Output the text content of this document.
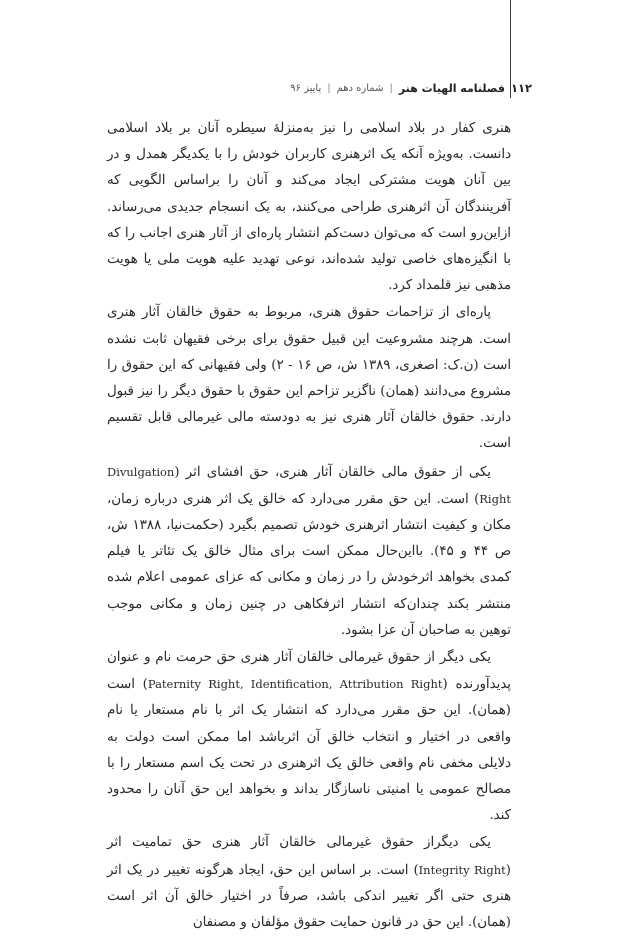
۱۱۲
فصلنامه الهیات هنر
|
شماره دهم
|
پاییز ۹۶

هنری کفار در بلاد اسلامی را نیز به‌منزلهٔ سیطره آنان بر بلاد اسلامی دانست. به‌ویژه آنکه یک اثرهنری کاربران خودش را با یکدیگر همدل و در بین آنان هویت مشترکی ایجاد می‌کند و آنان را براساس الگویی که آفرینندگان آن اثرهنری طراحی می‌کنند، به یک انسجام جدیدی می‌رساند. ازاین‌رو است که می‌توان دست‌کم انتشار پاره‌ای از آثار هنری اجانب را که با انگیزه‌های خاصی تولید شده‌اند، نوعی تهدید علیه هویت ملی یا هویت مذهبی نیز قلمداد کرد.

پاره‌ای از تزاحمات حقوق هنری، مربوط به حقوق خالقان آثار هنری است. هرچند مشروعیت این قبیل حقوق برای برخی فقیهان ثابت نشده است (ن.ک: اصغری، ۱۳۸۹ ش، ص ۱۶ - ۲) ولی فقیهانی که این حقوق را مشروع می‌دانند (همان) ناگزیر تزاحم این حقوق با حقوق دیگر را نیز قبول دارند. حقوق خالقان آثار هنری نیز به دودسته مالی غیرمالی قابل تقسیم است.

یکی از حقوق مالی خالقان آثار هنری، حق افشای اثر (Divulgation Right) است. این حق مقرر می‌دارد که خالق یک اثر هنری درباره زمان، مکان و کیفیت انتشار اثرهنری خودش تصمیم بگیرد (حکمت‌نیا، ۱۳۸۸ ش، ص ۴۴ و ۴۵). بااین‌حال ممکن است برای مثال خالق یک تئاتر یا فیلم کمدی بخواهد اثرخودش را در زمان و مکانی که عزای عمومی اعلام شده منتشر بکند چندان‌که انتشار اثرفکاهی در چنین زمان و مکانی موجب توهین به صاحبان آن عزا بشود.

یکی دیگر از حقوق غیرمالی خالقان آثار هنری حق حرمت نام و عنوان پدیدآورنده (Paternity Right, Identification, Attribution Right) است (همان). این حق مقرر می‌دارد که انتشار یک اثر با نام مستعار یا نام واقعی در اختیار و انتخاب خالق آن اثرباشد اما ممکن است دولت به دلایلی مخفی نام واقعی خالق یک اثرهنری در تحت یک اسم مستعار را با مصالح عمومی یا امنیتی ناسازگار بداند و بخواهد این حق آنان را محدود کند.

یکی دیگراز حقوق غیرمالی خالقان آثار هنری حق تمامیت اثر (Integrity Right) است. بر اساس این حق، ایجاد هرگونه تغییر در یک اثر هنری حتی اگر تغییر اندکی باشد، صرفاً در اختیار خالق آن اثر است (همان). این حق در قانون حمایت حقوق مؤلفان و مصنفان
